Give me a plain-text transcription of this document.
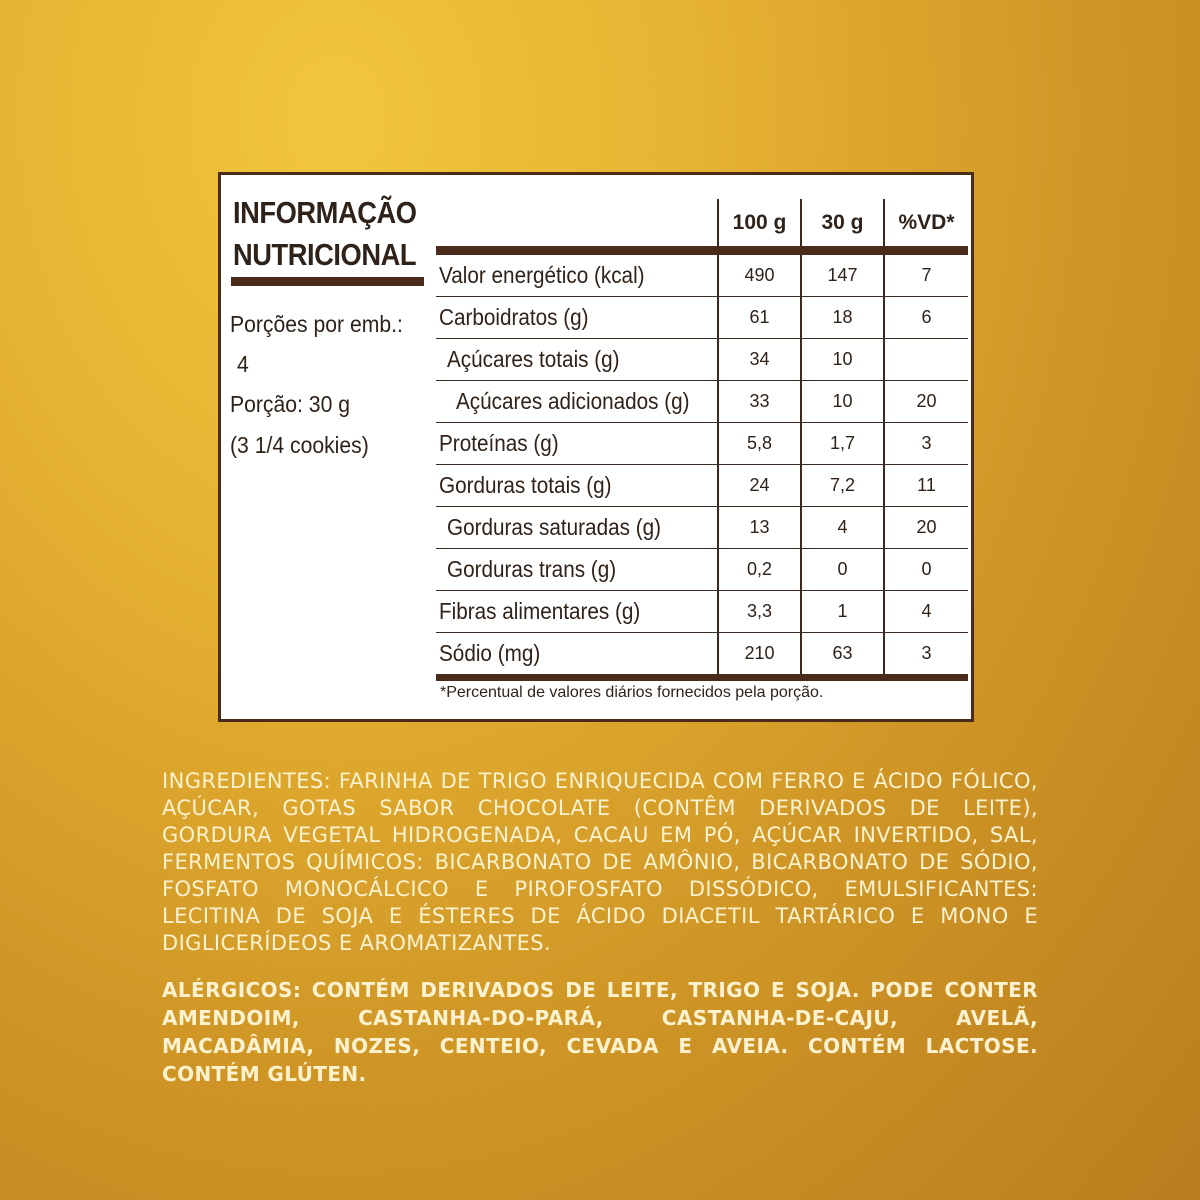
INFORMAÇÃO
NUTRICIONAL
Porções por emb.:
4
Porção: 30 g
(3 1/4 cookies)
	100 g	30 g	%VD*
Valor energético (kcal)	490	147	7
Carboidratos (g)	61	18	6
Açúcares totais (g)	34	10	
Açúcares adicionados (g)	33	10	20
Proteínas (g)	5,8	1,7	3
Gorduras totais (g)	24	7,2	11
Gorduras saturadas (g)	13	4	20
Gorduras trans (g)	0,2	0	0
Fibras alimentares (g)	3,3	1	4
Sódio (mg)	210	63	3
*Percentual de valores diários fornecidos pela porção.
INGREDIENTES: FARINHA DE TRIGO ENRIQUECIDA COM FERRO E ÁCIDO FÓLICO, AÇÚCAR, GOTAS SABOR CHOCOLATE (CONTÊM DERIVADOS DE LEITE), GORDURA VEGETAL HIDROGENADA, CACAU EM PÓ, AÇÚCAR INVERTIDO, SAL, FERMENTOS QUÍMICOS: BICARBONATO DE AMÔNIO, BICARBONATO DE SÓDIO, FOSFATO MONOCÁLCICO E PIROFOSFATO DISSÓDICO, EMULSIFICANTES: LECITINA DE SOJA E ÉSTERES DE ÁCIDO DIACETIL TARTÁRICO E MONO E DIGLICERÍDEOS E AROMATIZANTES.
ALÉRGICOS: CONTÉM DERIVADOS DE LEITE, TRIGO E SOJA. PODE CONTER AMENDOIM, CASTANHA-DO-PARÁ, CASTANHA-DE-CAJU, AVELÃ, MACADÂMIA, NOZES, CENTEIO, CEVADA E AVEIA. CONTÉM LACTOSE. CONTÉM GLÚTEN.
